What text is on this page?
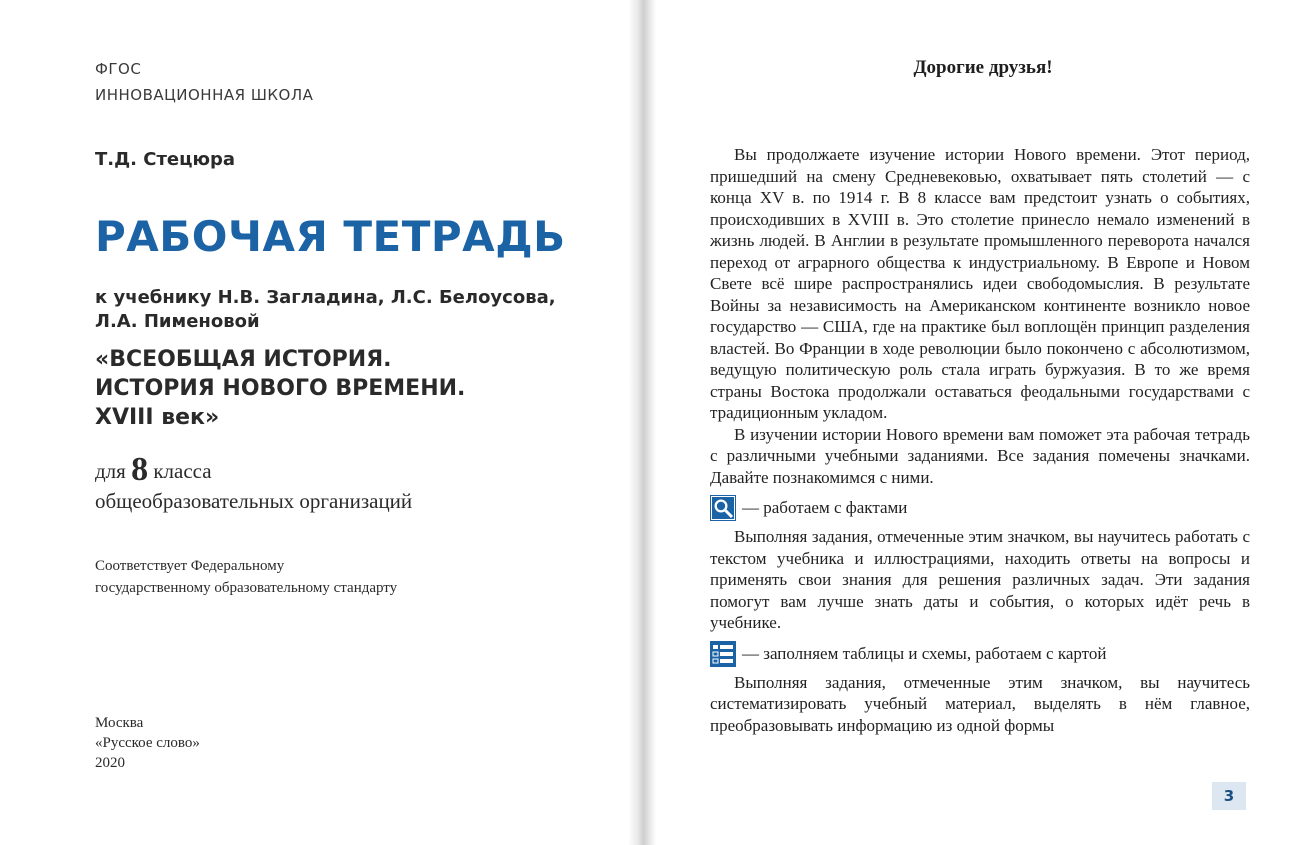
ФГОС
ИННОВАЦИОННАЯ ШКОЛА
Т.Д. Стецюра
РАБОЧАЯ ТЕТРАДЬ
к учебнику Н.В. Загладина, Л.С. Белоусова,
Л.А. Пименовой
«ВСЕОБЩАЯ ИСТОРИЯ.
ИСТОРИЯ НОВОГО ВРЕМЕНИ.
XVIII век»
для 8 класса
общеобразовательных организаций
Соответствует Федеральному
государственному образовательному стандарту
Москва
«Русское слово»
2020
Дорогие друзья!

Вы продолжаете изучение истории Нового времени. Этот период, пришедший на смену Средневековью, охватывает пять столетий — с конца XV в. по 1914 г. В 8 классе вам предстоит узнать о событиях, происходивших в XVIII в. Это столетие принесло немало изменений в жизнь людей. В Англии в результате промышленного переворота начался переход от аграрного общества к индустриальному. В Европе и Новом Свете всё шире распространялись идеи свободомыслия. В результате Войны за независимость на Американском континенте возникло новое государство — США, где на практике был воплощён принцип разделения властей. Во Франции в ходе революции было покончено с абсолютизмом, ведущую политическую роль стала играть буржуазия. В то же время страны Востока продолжали оставаться феодальными государствами с традиционным укладом.

В изучении истории Нового времени вам поможет эта рабочая тетрадь с различными учебными заданиями. Все задания помечены значками. Давайте познакомимся с ними.

— работаем с фактами

Выполняя задания, отмеченные этим значком, вы научитесь работать с текстом учебника и иллюстрациями, находить ответы на вопросы и применять свои знания для решения различных задач. Эти задания помогут вам лучше знать даты и события, о которых идёт речь в учебнике.

— заполняем таблицы и схемы, работаем с картой

Выполняя задания, отмеченные этим значком, вы научитесь систематизировать учебный материал, выделять в нём главное, преобразовывать информацию из одной формы

3
